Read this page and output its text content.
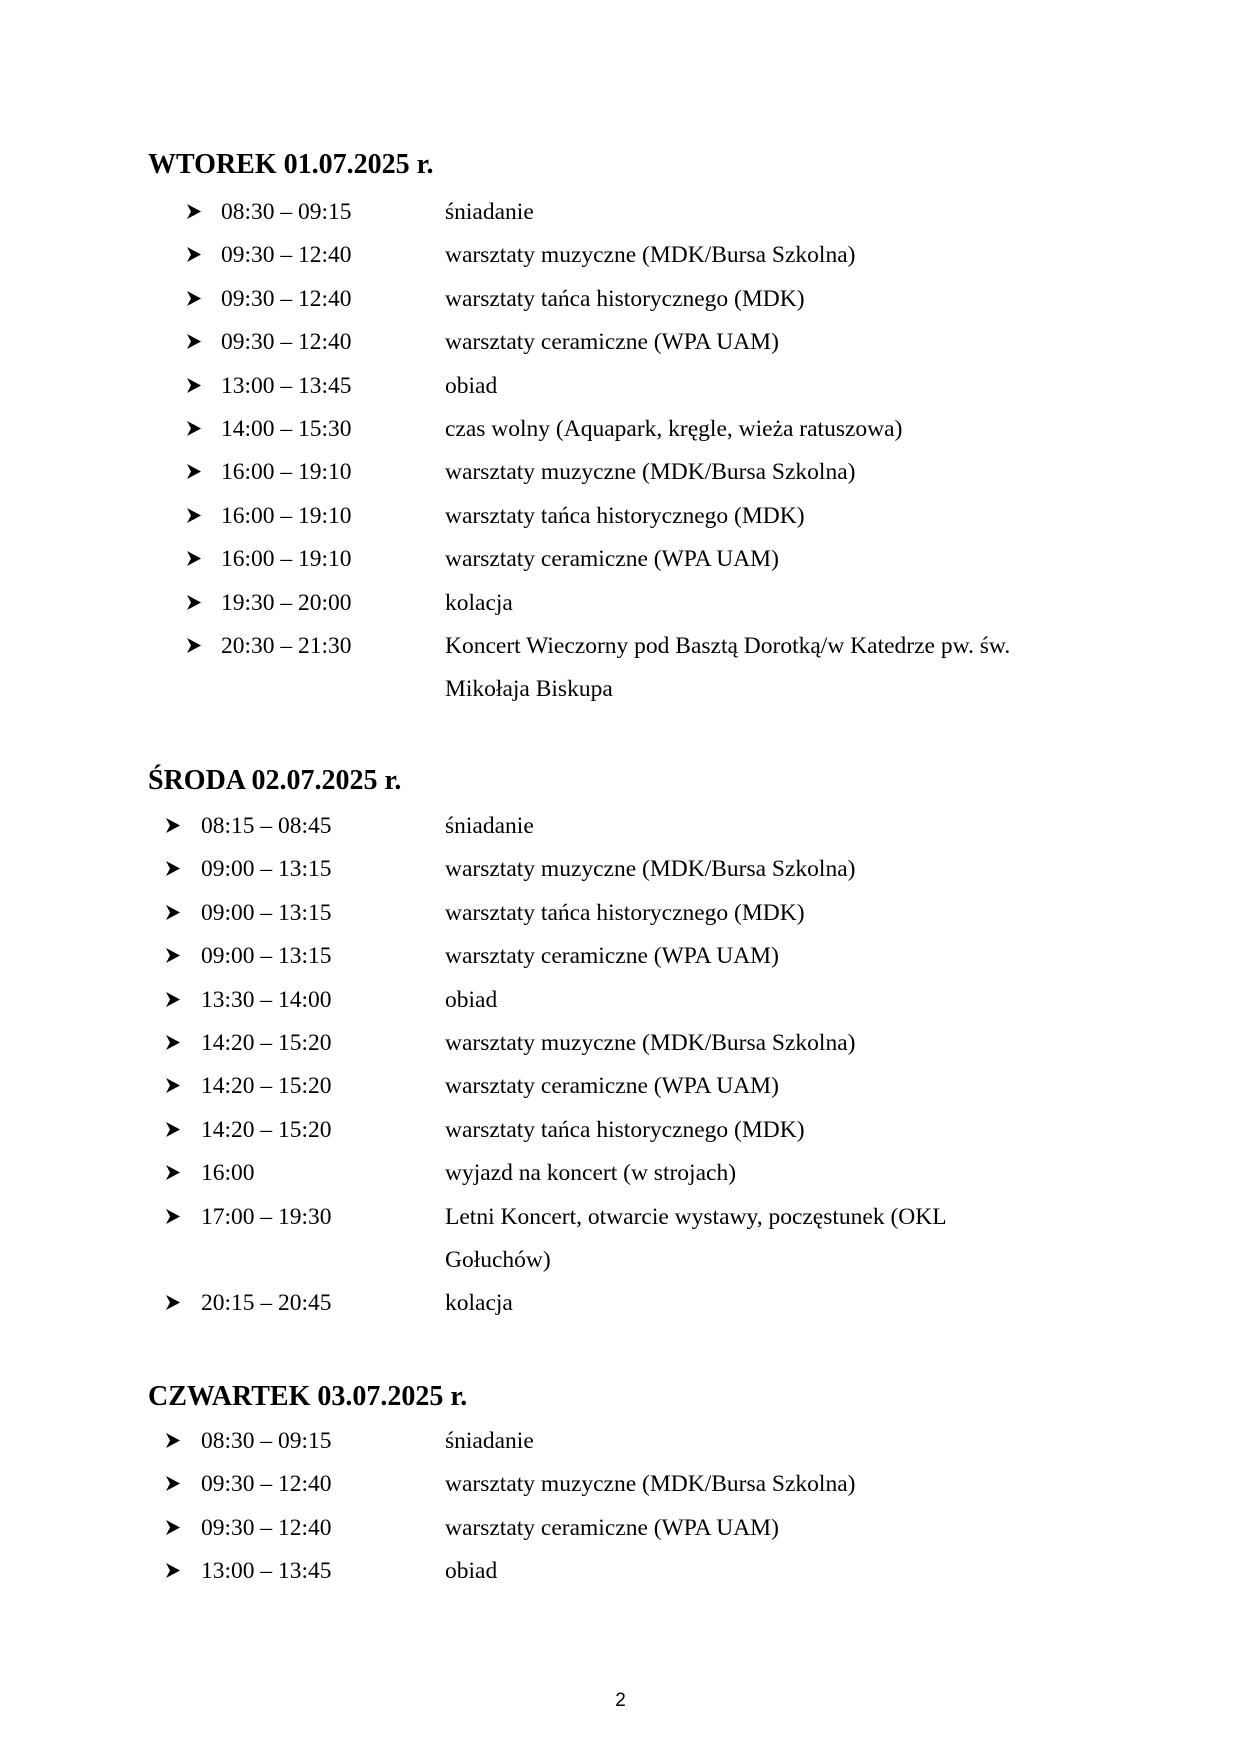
WTOREK 01.07.2025 r.
08:30 – 09:15	śniadanie
09:30 – 12:40	warsztaty muzyczne (MDK/Bursa Szkolna)
09:30 – 12:40	warsztaty tańca historycznego (MDK)
09:30 – 12:40	warsztaty ceramiczne (WPA UAM)
13:00 – 13:45	obiad
14:00 – 15:30	czas wolny (Aquapark, kręgle, wieża ratuszowa)
16:00 – 19:10	warsztaty muzyczne (MDK/Bursa Szkolna)
16:00 – 19:10	warsztaty tańca historycznego (MDK)
16:00 – 19:10	warsztaty ceramiczne (WPA UAM)
19:30 – 20:00	kolacja
20:30 – 21:30	Koncert Wieczorny pod Basztą Dorotką/w Katedrze pw. św. Mikołaja Biskupa
ŚRODA 02.07.2025 r.
08:15 – 08:45	śniadanie
09:00 – 13:15	warsztaty muzyczne (MDK/Bursa Szkolna)
09:00 – 13:15	warsztaty tańca historycznego (MDK)
09:00 – 13:15	warsztaty ceramiczne (WPA UAM)
13:30 – 14:00	obiad
14:20 – 15:20	warsztaty muzyczne (MDK/Bursa Szkolna)
14:20 – 15:20	warsztaty ceramiczne (WPA UAM)
14:20 – 15:20	warsztaty tańca historycznego (MDK)
16:00	wyjazd na koncert (w strojach)
17:00 – 19:30	Letni Koncert, otwarcie wystawy, poczęstunek (OKL Gołuchów)
20:15 – 20:45	kolacja
CZWARTEK 03.07.2025 r.
08:30 – 09:15	śniadanie
09:30 – 12:40	warsztaty muzyczne (MDK/Bursa Szkolna)
09:30 – 12:40	warsztaty ceramiczne (WPA UAM)
13:00 – 13:45	obiad
2
